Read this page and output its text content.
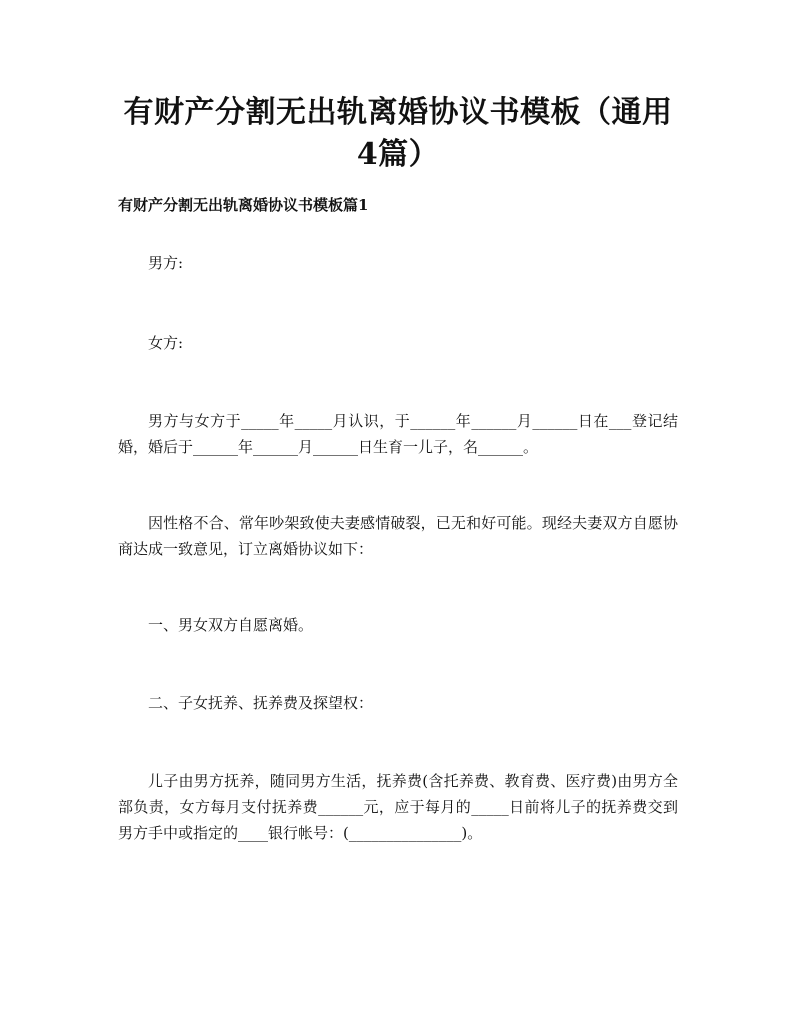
有财产分割无出轨离婚协议书模板（通用4篇）
有财产分割无出轨离婚协议书模板篇1
男方:
女方:
男方与女方于_____年_____月认识，于______年______月______日在___登记结婚，婚后于______年______月______日生育一儿子，名______。
因性格不合、常年吵架致使夫妻感情破裂，已无和好可能。现经夫妻双方自愿协商达成一致意见，订立离婚协议如下：
一、男女双方自愿离婚。
二、子女抚养、抚养费及探望权：
儿子由男方抚养，随同男方生活，抚养费(含托养费、教育费、医疗费)由男方全部负责，女方每月支付抚养费______元，应于每月的_____日前将儿子的抚养费交到男方手中或指定的____银行帐号：(_______________)。
